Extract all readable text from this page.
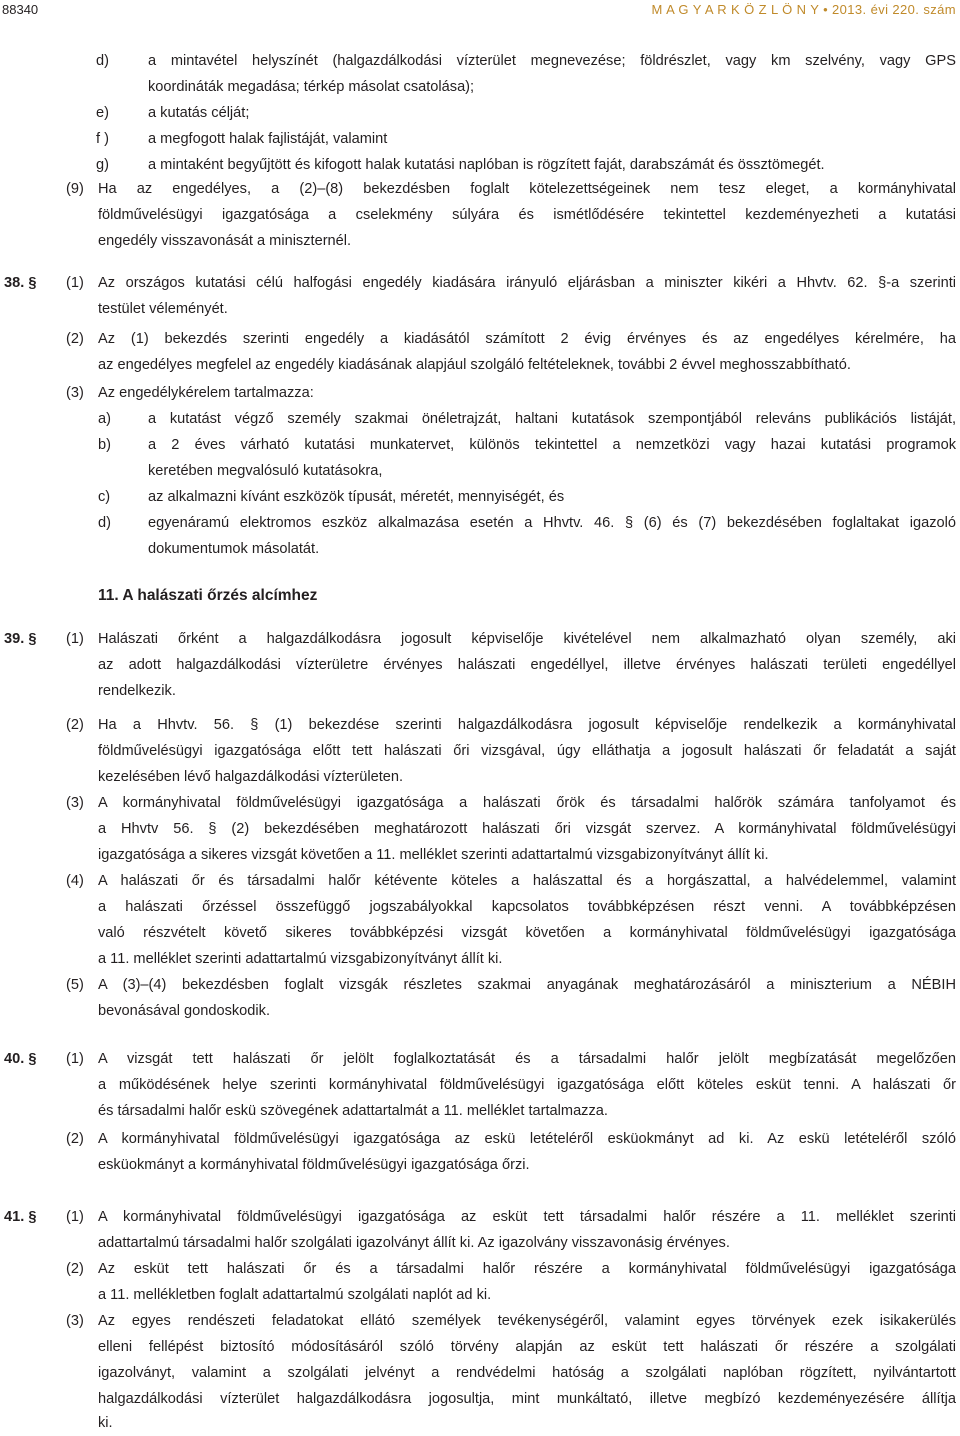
88340	M A G Y A R K Ö Z L Ö N Y • 2013. évi 220. szám

d)	a mintavétel helyszínét (halgazdálkodási vízterület megnevezése; földrészlet, vagy km szelvény, vagy GPS

koordináták megadása; térkép másolat csatolása);

e)	a kutatás célját;

f )	a megfogott halak fajlistáját, valamint

g)	a mintaként begyűjtött és kifogott halak kutatási naplóban is rögzített faját, darabszámát és össztömegét.

(9) Ha az engedélyes, a (2)–(8) bekezdésben foglalt kötelezettségeinek nem tesz eleget, a kormányhivatal

földművelésügyi igazgatósága a cselekmény súlyára és ismétlődésére tekintettel kezdeményezheti a kutatási

engedély visszavonását a miniszternél.

38. § (1) Az országos kutatási célú halfogási engedély kiadására irányuló eljárásban a miniszter kikéri a Hhvtv. 62. §-a szerinti

testület véleményét.

(2) Az (1) bekezdés szerinti engedély a kiadásától számított 2 évig érvényes és az engedélyes kérelmére, ha

az engedélyes megfelel az engedély kiadásának alapjául szolgáló feltételeknek, további 2 évvel meghosszabbítható.

(3) Az engedélykérelem tartalmazza:

a)	a kutatást végző személy szakmai önéletrajzát, haltani kutatások szempontjából releváns publikációs listáját,

b)	a 2 éves várható kutatási munkatervet, különös tekintettel a nemzetközi vagy hazai kutatási programok

keretében megvalósuló kutatásokra,

c)	az alkalmazni kívánt eszközök típusát, méretét, mennyiségét, és

d)	egyenáramú elektromos eszköz alkalmazása esetén a Hhvtv. 46. § (6) és (7) bekezdésében foglaltakat igazoló

dokumentumok másolatát.

39. § (1) Halászati őrként a halgazdálkodásra jogosult képviselője kivételével nem alkalmazható olyan személy, aki

az adott halgazdálkodási vízterületre érvényes halászati engedéllyel, illetve érvényes halászati területi engedéllyel

rendelkezik.

(2) Ha a Hhvtv. 56. § (1) bekezdése szerinti halgazdálkodásra jogosult képviselője rendelkezik a kormányhivatal

földművelésügyi igazgatósága előtt tett halászati őri vizsgával, úgy elláthatja a jogosult halászati őr feladatát a saját

kezelésében lévő halgazdálkodási vízterületen.

(3) A kormányhivatal földművelésügyi igazgatósága a halászati őrök és társadalmi halőrök számára tanfolyamot és

a Hhvtv 56. § (2) bekezdésében meghatározott halászati őri vizsgát szervez. A kormányhivatal földművelésügyi

igazgatósága a sikeres vizsgát követően a 11. melléklet szerinti adattartalmú vizsgabizonyítványt állít ki.

(4) A halászati őr és társadalmi halőr kétévente köteles a halászattal és a horgászattal, a halvédelemmel, valamint

a halászati őrzéssel összefüggő jogszabályokkal kapcsolatos továbbképzésen részt venni. A továbbképzésen

való részvételt követő sikeres továbbképzési vizsgát követően a kormányhivatal földművelésügyi igazgatósága

a 11. melléklet szerinti adattartalmú vizsgabizonyítványt állít ki.

(5) A (3)–(4) bekezdésben foglalt vizsgák részletes szakmai anyagának meghatározásáról a miniszterium a NÉBIH

bevonásával gondoskodik.

40. § (1) A vizsgát tett halászati őr jelölt foglalkoztatását és a társadalmi halőr jelölt megbízatását megelőzően

a működésének helye szerinti kormányhivatal földművelésügyi igazgatósága előtt köteles esküt tenni. A halászati őr

és társadalmi halőr eskü szövegének adattartalmát a 11. melléklet tartalmazza.

(2) A kormányhivatal földművelésügyi igazgatósága az eskü letételéről esküokmányt ad ki. Az eskü letételéről szóló

esküokmányt a kormányhivatal földművelésügyi igazgatósága őrzi.

41. § (1) A kormányhivatal földművelésügyi igazgatósága az esküt tett társadalmi halőr részére a 11. melléklet szerinti

adattartalmú társadalmi halőr szolgálati igazolványt állít ki. Az igazolvány visszavonásig érvényes.

(2) Az esküt tett halászati őr és a társadalmi halőr részére a kormányhivatal földművelésügyi igazgatósága

a 11. mellékletben foglalt adattartalmú szolgálati naplót ad ki.

(3) Az egyes rendészeti feladatokat ellátó személyek tevékenységéről, valamint egyes törvények ezek isikakerülés

elleni fellépést biztosító módosításáról szóló törvény alapján az esküt tett halászati őr részére a szolgálati

igazolványt, valamint a szolgálati jelvényt a rendvédelmi hatóság a szolgálati naplóban rögzített, nyilvántartott

halgazdálkodási vízterület halgazdálkodásra jogosultja, mint munkáltató, illetve megbízó kezdeményezésére állítja

ki.

11. A halászati őrzés alcímhez
